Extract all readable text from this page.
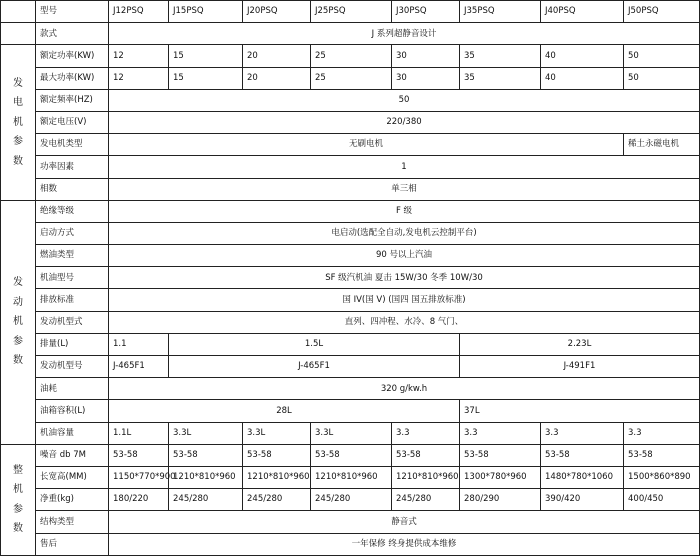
	型号	J12PSQ	J15PSQ	J20PSQ	J25PSQ	J30PSQ	J35PSQ	J40PSQ	J50PSQ
	款式	J 系列超静音设计							

发
电
机
参
数	额定功率(KW)	12	15	20	25	30	35	40	50
	最大功率(KW)	12	15	20	25	30	35	40	50
	额定频率(HZ)	50							
	额定电压(V)	220/380							
	发电机类型	无刷电机							稀土永磁电机
	功率因素	1							
	相数	单三相							

发
动
机
参
数	绝缘等级	F 级							
	启动方式	电启动(选配全自动,发电机云控制平台)							
	燃油类型	90 号以上汽油							
	机油型号	SF 级汽机油 夏击 15W/30 冬季 10W/30							
	排放标准	国 IV(国 V) (国四 国五排放标准)							
	发动机型式	直列、四冲程、水冷、8 气门、							
	排量(L)	1.1	1.5L				2.23L		
	发动机型号	J-465F1	J-465F1				J-491F1		
	油耗	320 g/kw.h							
	油箱容积(L)	28L					37L		
	机油容量	1.1L	3.3L	3.3L	3.3L	3.3	3.3	3.3	3.3

整
机
参
数	噪音 db 7M	53-58	53-58	53-58	53-58	53-58	53-58	53-58	53-58
	长宽高(MM)	1150*770*900	1210*810*960	1210*810*960	1210*810*960	1210*810*960	1300*780*960	1480*780*1060	1500*860*890
	净重(kg)	180/220	245/280	245/280	245/280	245/280	280/290	390/420	400/450
	结构类型	静音式							
	售后	一年保修 终身提供成本维修							
